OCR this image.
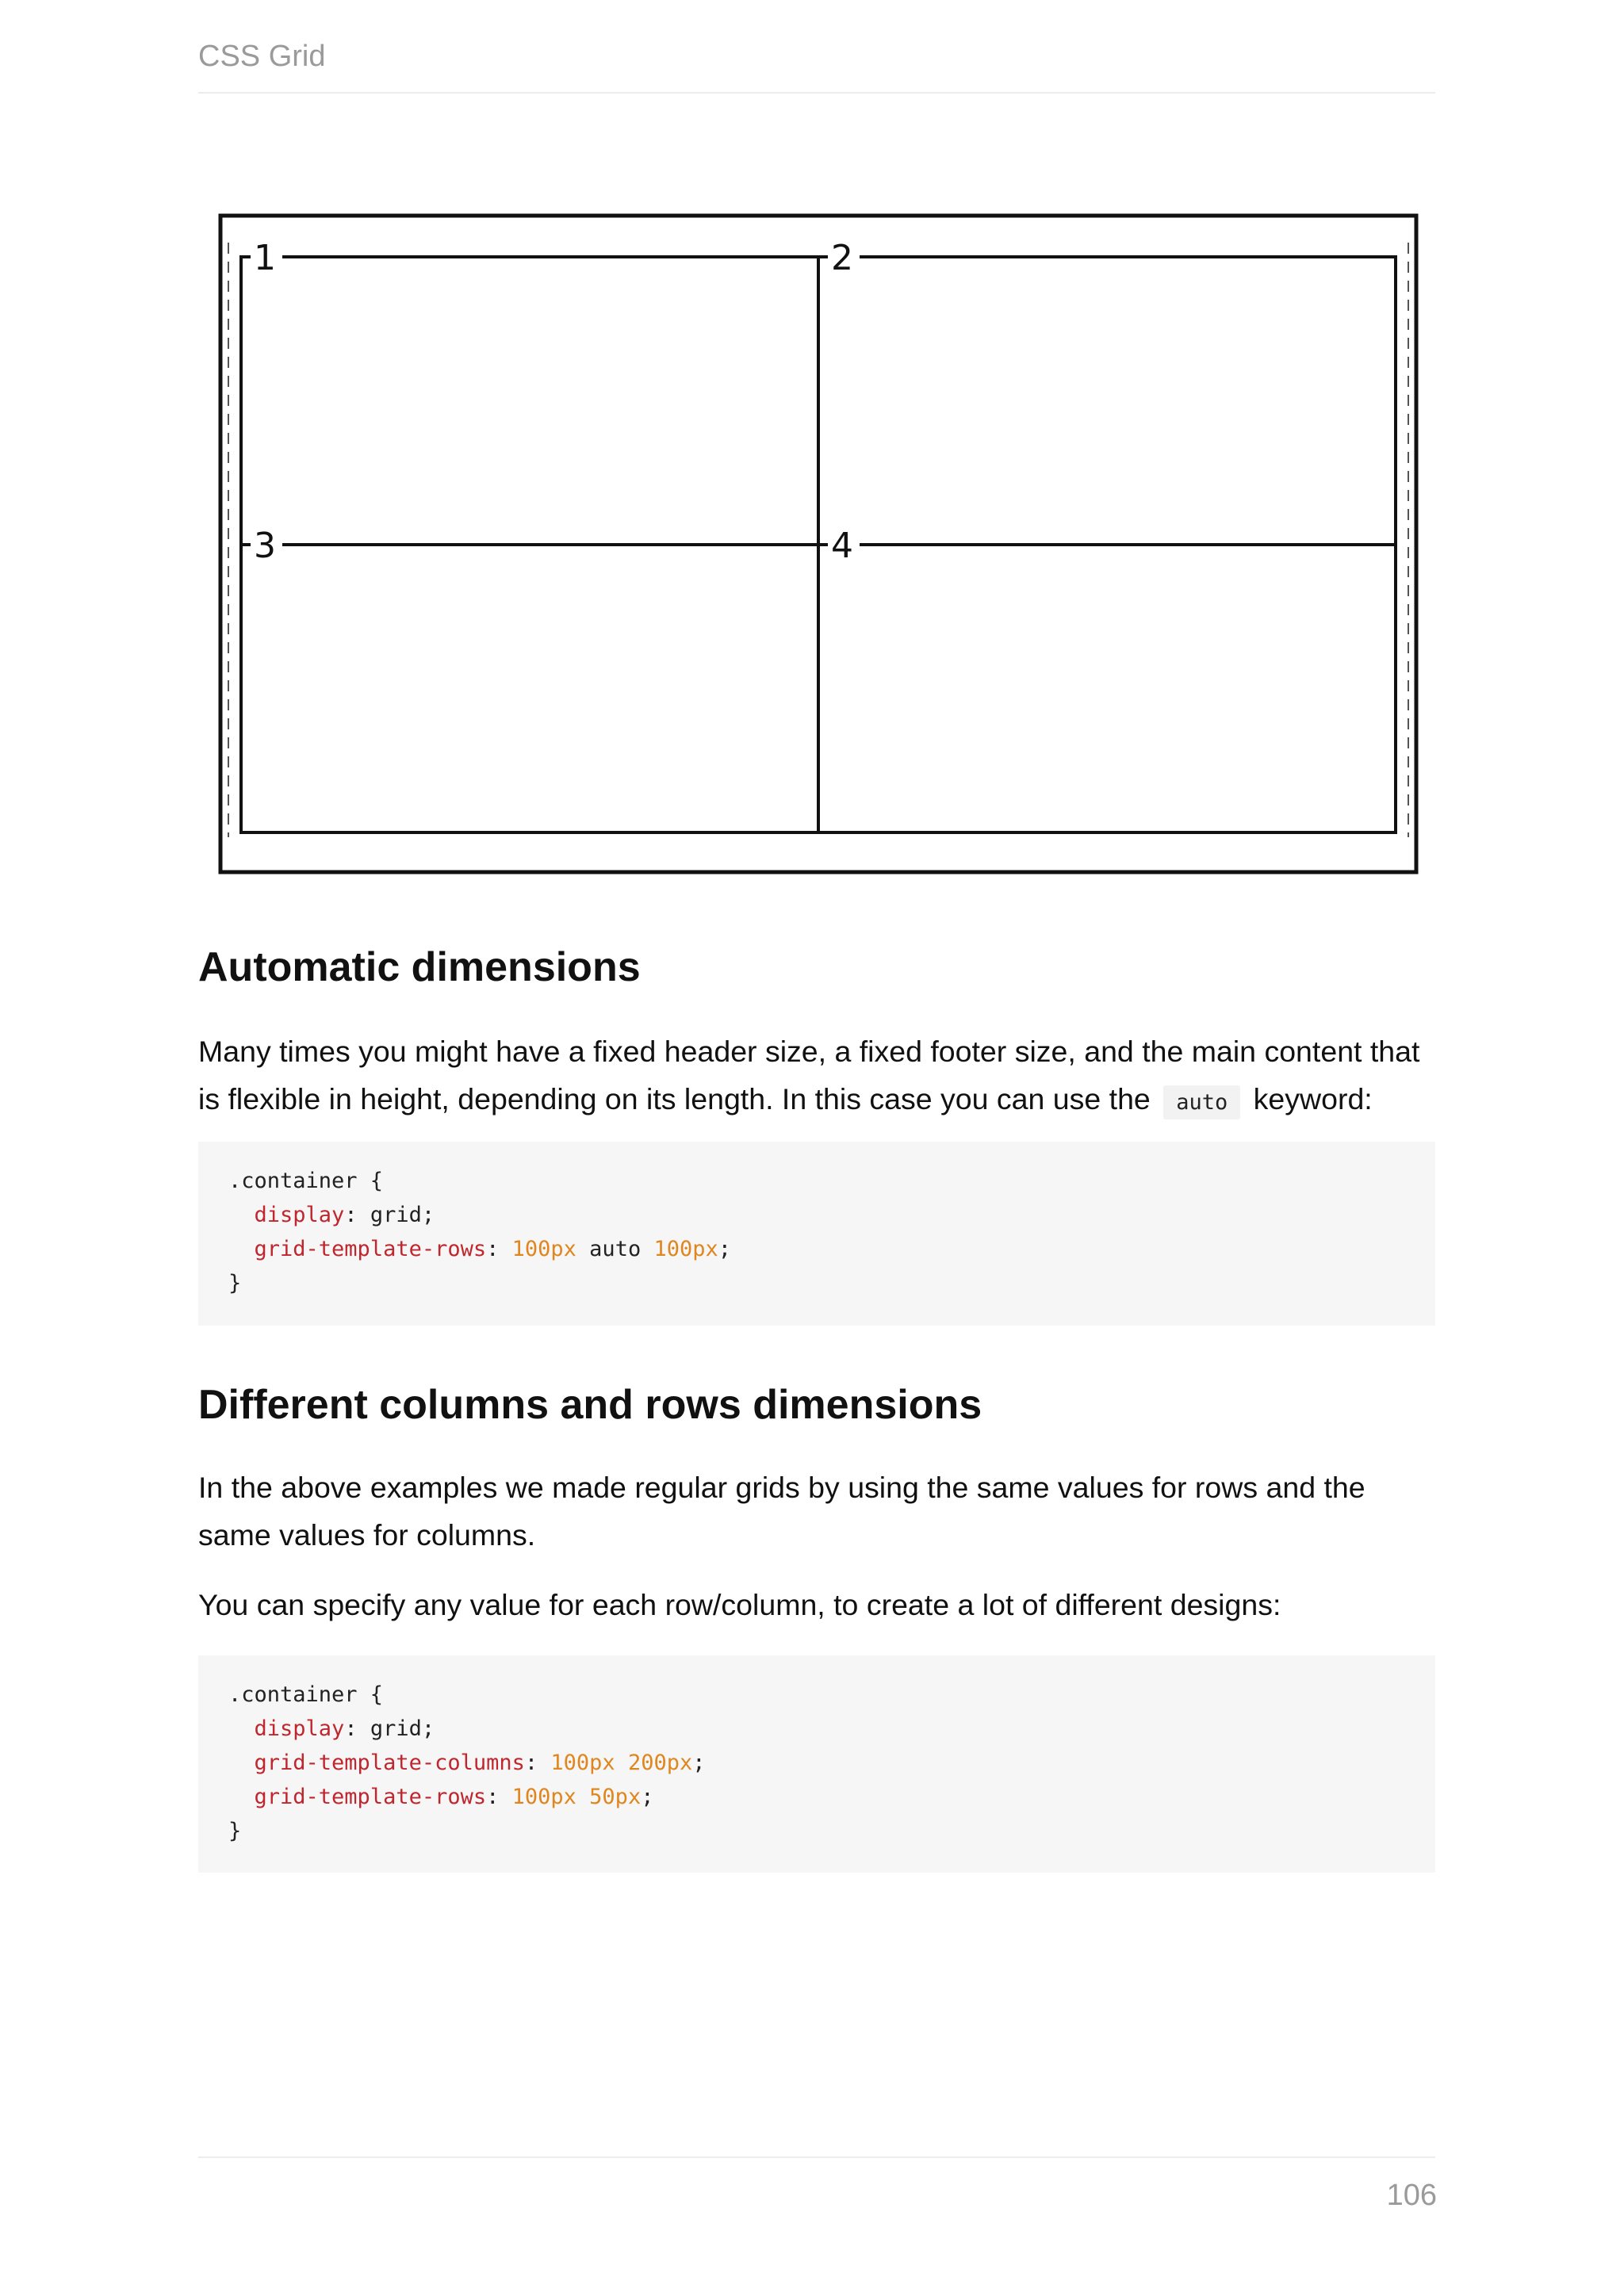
CSS Grid
1	2
3	4
Automatic dimensions

Many times you might have a fixed header size, a fixed footer size, and the main content that is flexible in height, depending on its length. In this case you can use the auto keyword:

.container {
display: grid;
grid-template-rows: 100px auto 100px;
}
Different columns and rows dimensions

In the above examples we made regular grids by using the same values for rows and the same values for columns.

You can specify any value for each row/column, to create a lot of different designs:

.container {
display: grid;
grid-template-columns: 100px 200px;
grid-template-rows: 100px 50px;
}
106
